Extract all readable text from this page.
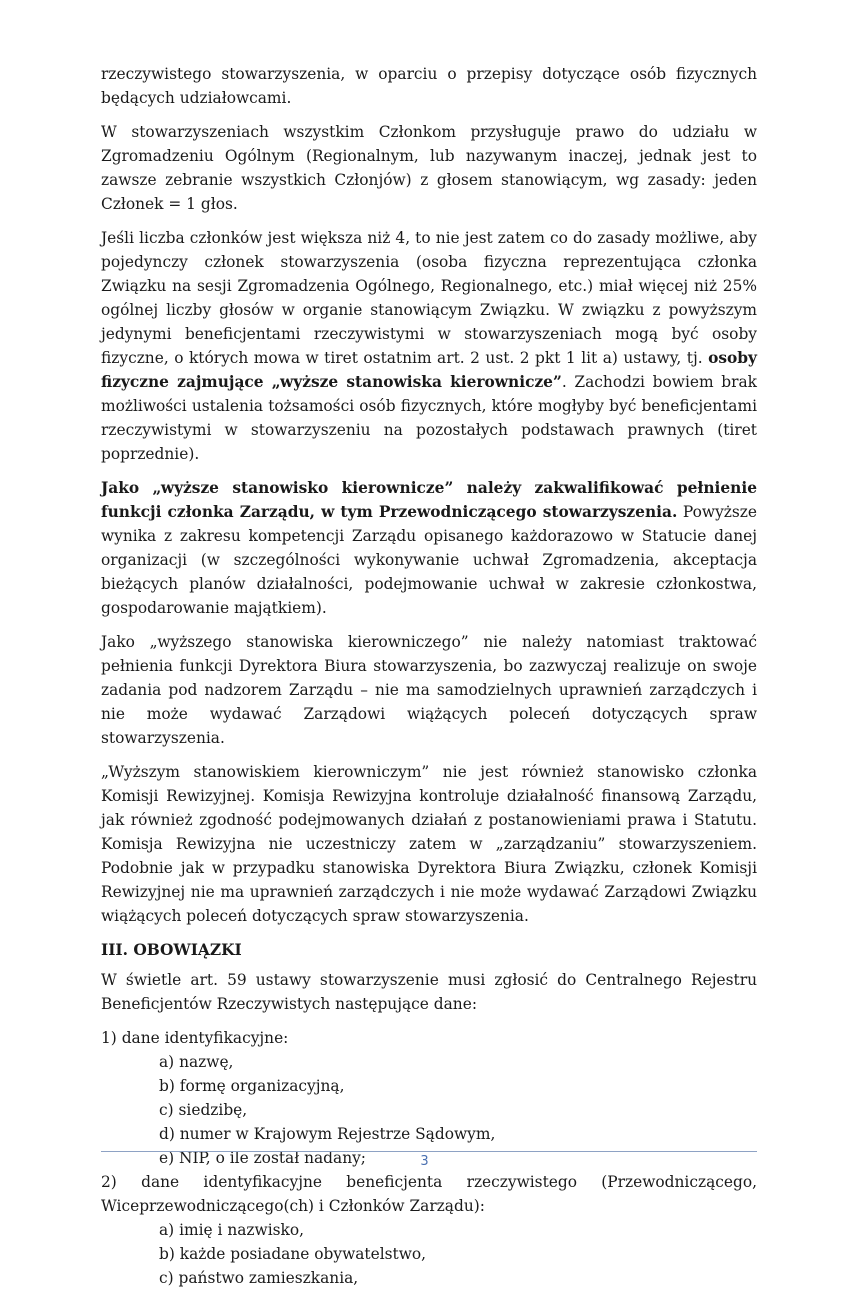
rzeczywistego stowarzyszenia, w oparciu o przepisy dotyczące osób fizycznych będących udziałowcami.

W stowarzyszeniach wszystkim Członkom przysługuje prawo do udziału w Zgromadzeniu Ogólnym (Regionalnym, lub nazywanym inaczej, jednak jest to zawsze zebranie wszystkich Członjów) z głosem stanowiącym, wg zasady: jeden Członek = 1 głos.

Jeśli liczba członków jest większa niż 4, to nie jest zatem co do zasady możliwe, aby pojedynczy członek stowarzyszenia (osoba fizyczna reprezentująca członka Związku na sesji Zgromadzenia Ogólnego, Regionalnego, etc.) miał więcej niż 25% ogólnej liczby głosów w organie stanowiącym Związku. W związku z powyższym jedynymi beneficjentami rzeczywistymi w stowarzyszeniach mogą być osoby fizyczne, o których mowa w tiret ostatnim art. 2 ust. 2 pkt 1 lit a) ustawy, tj. osoby fizyczne zajmujące „wyższe stanowiska kierownicze”. Zachodzi bowiem brak możliwości ustalenia tożsamości osób fizycznych, które mogłyby być beneficjentami rzeczywistymi w stowarzyszeniu na pozostałych podstawach prawnych (tiret poprzednie).

Jako „wyższe stanowisko kierownicze” należy zakwalifikować pełnienie funkcji członka Zarządu, w tym Przewodniczącego stowarzyszenia. Powyższe wynika z zakresu kompetencji Zarządu opisanego każdorazowo w Statucie danej organizacji (w szczególności wykonywanie uchwał Zgromadzenia, akceptacja bieżących planów działalności, podejmowanie uchwał w zakresie członkostwa, gospodarowanie majątkiem).

Jako „wyższego stanowiska kierowniczego” nie należy natomiast traktować pełnienia funkcji Dyrektora Biura stowarzyszenia, bo zazwyczaj realizuje on swoje zadania pod nadzorem Zarządu – nie ma samodzielnych uprawnień zarządczych i nie może wydawać Zarządowi wiążących poleceń dotyczących spraw stowarzyszenia.

„Wyższym stanowiskiem kierowniczym” nie jest również stanowisko członka Komisji Rewizyjnej. Komisja Rewizyjna kontroluje działalność finansową Zarządu, jak również zgodność podejmowanych działań z postanowieniami prawa i Statutu. Komisja Rewizyjna nie uczestniczy zatem w „zarządzaniu” stowarzyszeniem. Podobnie jak w przypadku stanowiska Dyrektora Biura Związku, członek Komisji Rewizyjnej nie ma uprawnień zarządczych i nie może wydawać Zarządowi Związku wiążących poleceń dotyczących spraw stowarzyszenia.

III. OBOWIĄZKI

W świetle art. 59 ustawy stowarzyszenie musi zgłosić do Centralnego Rejestru Beneficjentów Rzeczywistych następujące dane:

1) dane identyfikacyjne:
a) nazwę,
b) formę organizacyjną,
c) siedzibę,
d) numer w Krajowym Rejestrze Sądowym,
e) NIP, o ile został nadany;

2) dane identyfikacyjne beneficjenta rzeczywistego (Przewodniczącego, Wiceprzewodniczącego(ch) i Członków Zarządu):

a) imię i nazwisko,
b) każde posiadane obywatelstwo,
c) państwo zamieszkania,
3
